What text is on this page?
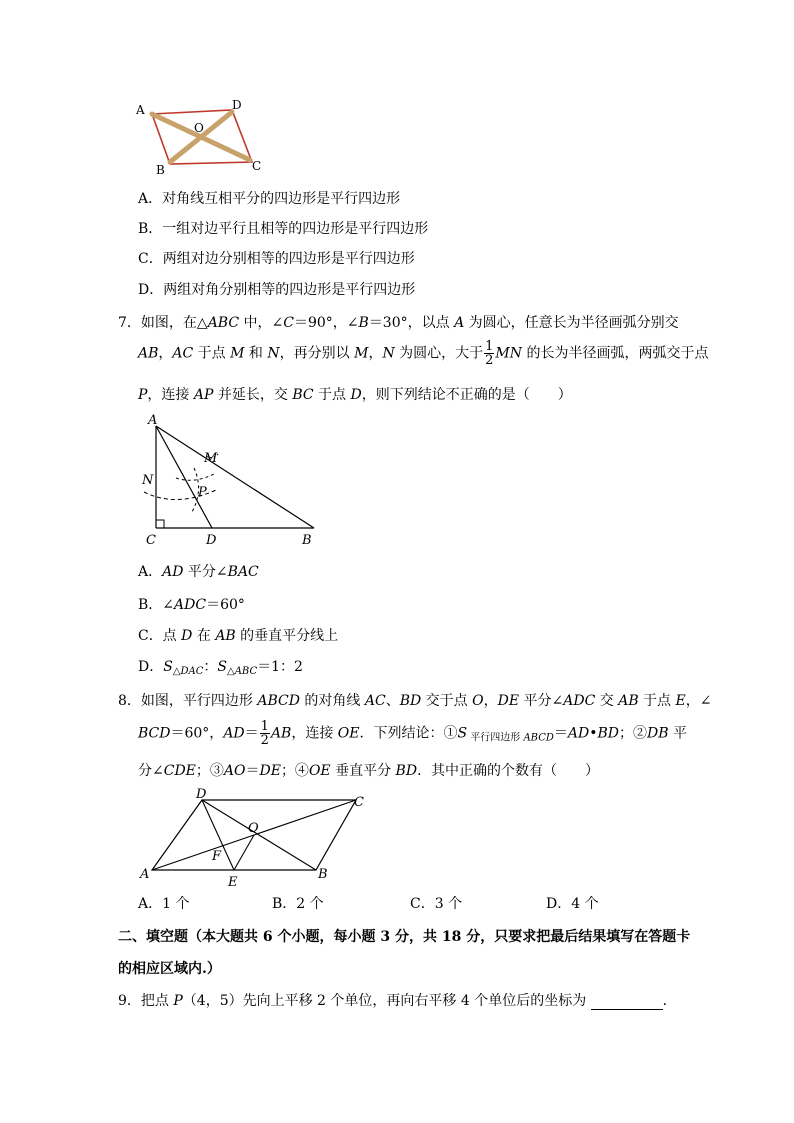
A	D
O
B	C
A．对角线互相平分的四边形是平行四边形
B．一组对边平行且相等的四边形是平行四边形
C．两组对边分别相等的四边形是平行四边形
D．两组对角分别相等的四边形是平行四边形
7．如图，在△ABC 中，∠C＝90°，∠B＝30°，以点 A 为圆心，任意长为半径画弧分别交
AB，AC 于点 M 和 N，再分别以 M，N 为圆心，大于 $\frac{1}{2}$ MN 的长为半径画弧，两弧交于点
P，连接 AP 并延长，交 BC 于点 D，则下列结论不正确的是（　　）
A
M
N
P
C	D	B
A．AD 平分∠BAC
B．∠ADC＝60°
C．点 D 在 AB 的垂直平分线上
D．$S_{\triangle DAC}$：$S_{\triangle ABC}=1$：2
8．如图，平行四边形 ABCD 的对角线 AC、BD 交于点 O，DE 平分∠ADC 交 AB 于点 E，∠
BCD＝60°，$AD= \frac{1}{2}$ AB，连接 OE．下列结论：①S $_{平行四边形}$ $_{ABCD}$＝AD•BD；②DB 平
分∠CDE；③AO＝DE；④OE 垂直平分 BD．其中正确的个数有（　　）
D
C
O
F
A
E
B
A．1 个	B．2 个	C．3 个	D．4 个
二、填空题（本大题共 6 个小题，每小题 3 分，共 18 分，只要求把最后结果填写在答题卡
的相应区域内.）
9．把点 P（4，5）先向上平移 2 个单位，再向右平移 4 个单位后的坐标为	．
